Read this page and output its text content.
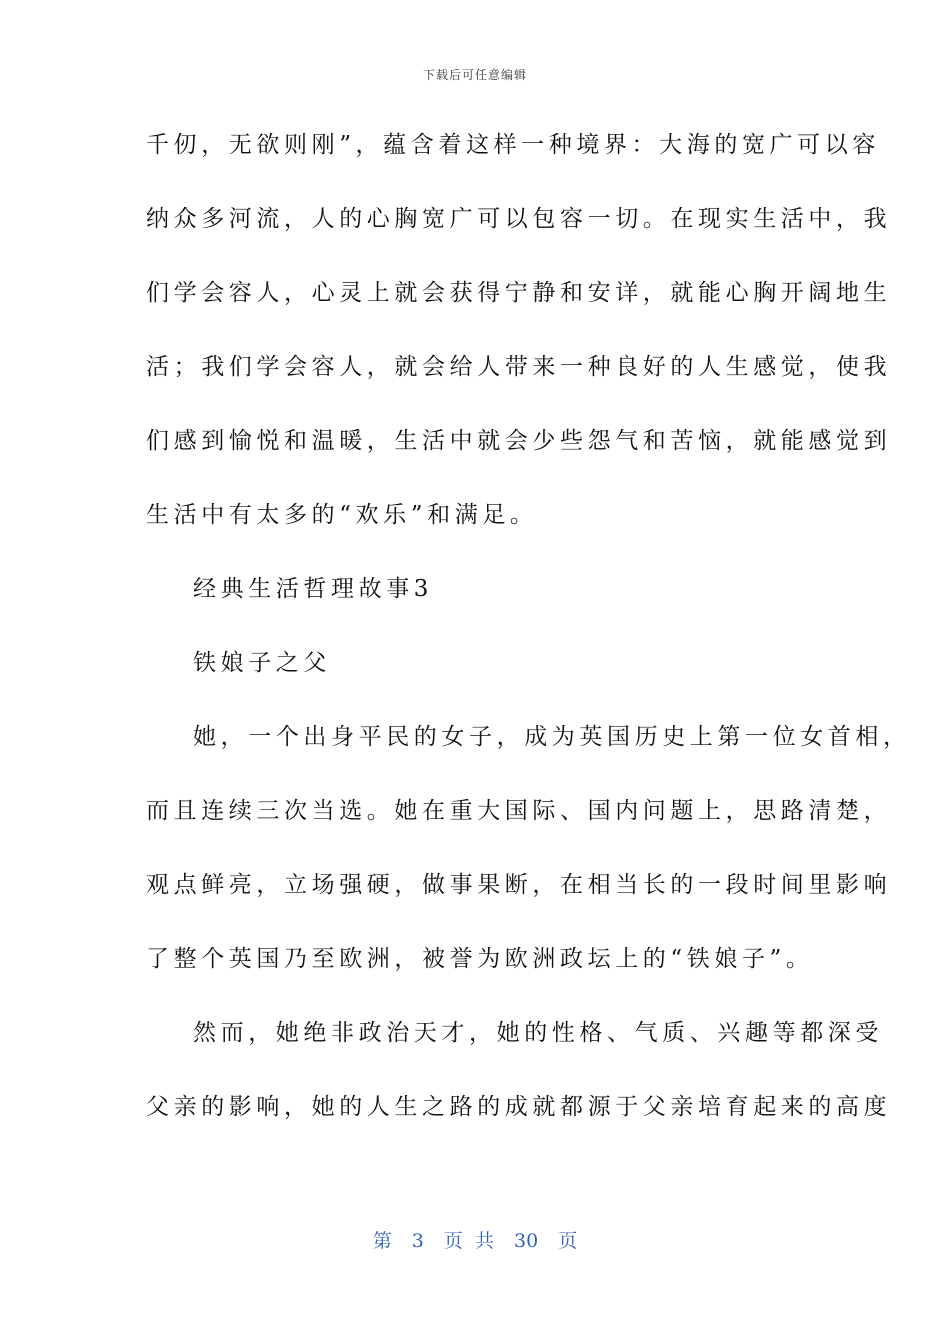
下载后可任意编辑
千仞，无欲则刚”，蕴含着这样一种境界：大海的宽广可以容
纳众多河流，人的心胸宽广可以包容一切。在现实生活中，我
们学会容人，心灵上就会获得宁静和安详，就能心胸开阔地生
活；我们学会容人，就会给人带来一种良好的人生感觉，使我
们感到愉悦和温暖，生活中就会少些怨气和苦恼，就能感觉到
生活中有太多的“欢乐”和满足。
经典生活哲理故事3
铁娘子之父
她，一个出身平民的女子，成为英国历史上第一位女首相，
而且连续三次当选。她在重大国际、国内问题上，思路清楚，
观点鲜亮，立场强硬，做事果断，在相当长的一段时间里影响
了整个英国乃至欧洲，被誉为欧洲政坛上的“铁娘子”。
然而，她绝非政治天才，她的性格、气质、兴趣等都深受
父亲的影响，她的人生之路的成就都源于父亲培育起来的高度
第 3 页 共 30 页
